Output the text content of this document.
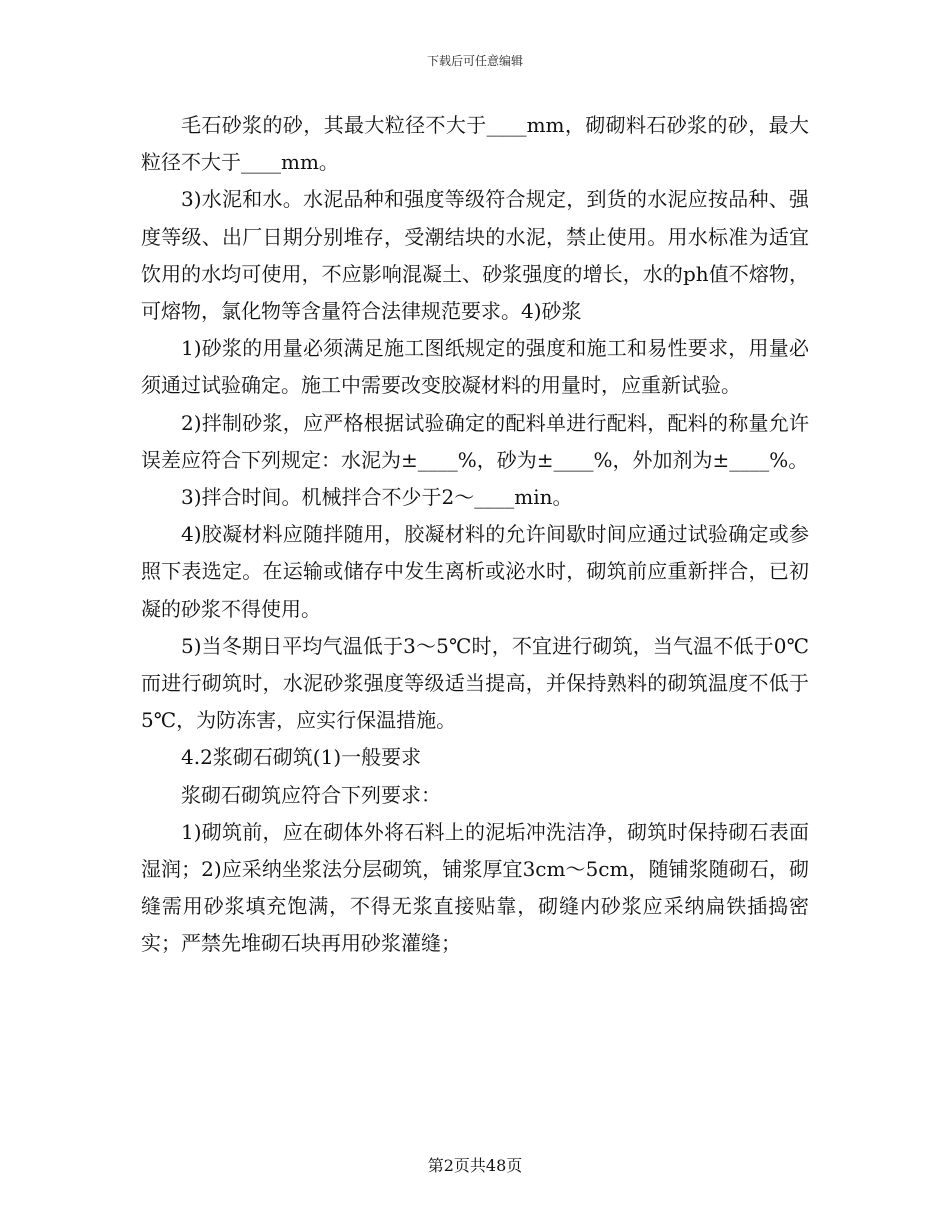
下载后可任意编辑

毛石砂浆的砂，其最大粒径不大于____mm，砌砌料石砂浆的砂，最大粒径不大于____mm。

3)水泥和水。水泥品种和强度等级符合规定，到货的水泥应按品种、强度等级、出厂日期分别堆存，受潮结块的水泥，禁止使用。用水标准为适宜饮用的水均可使用，不应影响混凝土、砂浆强度的增长，水的ph值不熔物，可熔物，氯化物等含量符合法律规范要求。4)砂浆

1)砂浆的用量必须满足施工图纸规定的强度和施工和易性要求，用量必须通过试验确定。施工中需要改变胶凝材料的用量时，应重新试验。

2)拌制砂浆，应严格根据试验确定的配料单进行配料，配料的称量允许误差应符合下列规定：水泥为±____%，砂为±____%，外加剂为±____%。

3)拌合时间。机械拌合不少于2～____min。

4)胶凝材料应随拌随用，胶凝材料的允许间歇时间应通过试验确定或参照下表选定。在运输或储存中发生离析或泌水时，砌筑前应重新拌合，已初凝的砂浆不得使用。

5)当冬期日平均气温低于3～5℃时，不宜进行砌筑，当气温不低于0℃而进行砌筑时，水泥砂浆强度等级适当提高，并保持熟料的砌筑温度不低于5℃，为防冻害，应实行保温措施。

4.2浆砌石砌筑(1)一般要求

浆砌石砌筑应符合下列要求：

1)砌筑前，应在砌体外将石料上的泥垢冲洗洁净，砌筑时保持砌石表面湿润；2)应采纳坐浆法分层砌筑，铺浆厚宜3cm～5cm，随铺浆随砌石，砌缝需用砂浆填充饱满，不得无浆直接贴靠，砌缝内砂浆应采纳扁铁插捣密实；严禁先堆砌石块再用砂浆灌缝；

第2页共48页
